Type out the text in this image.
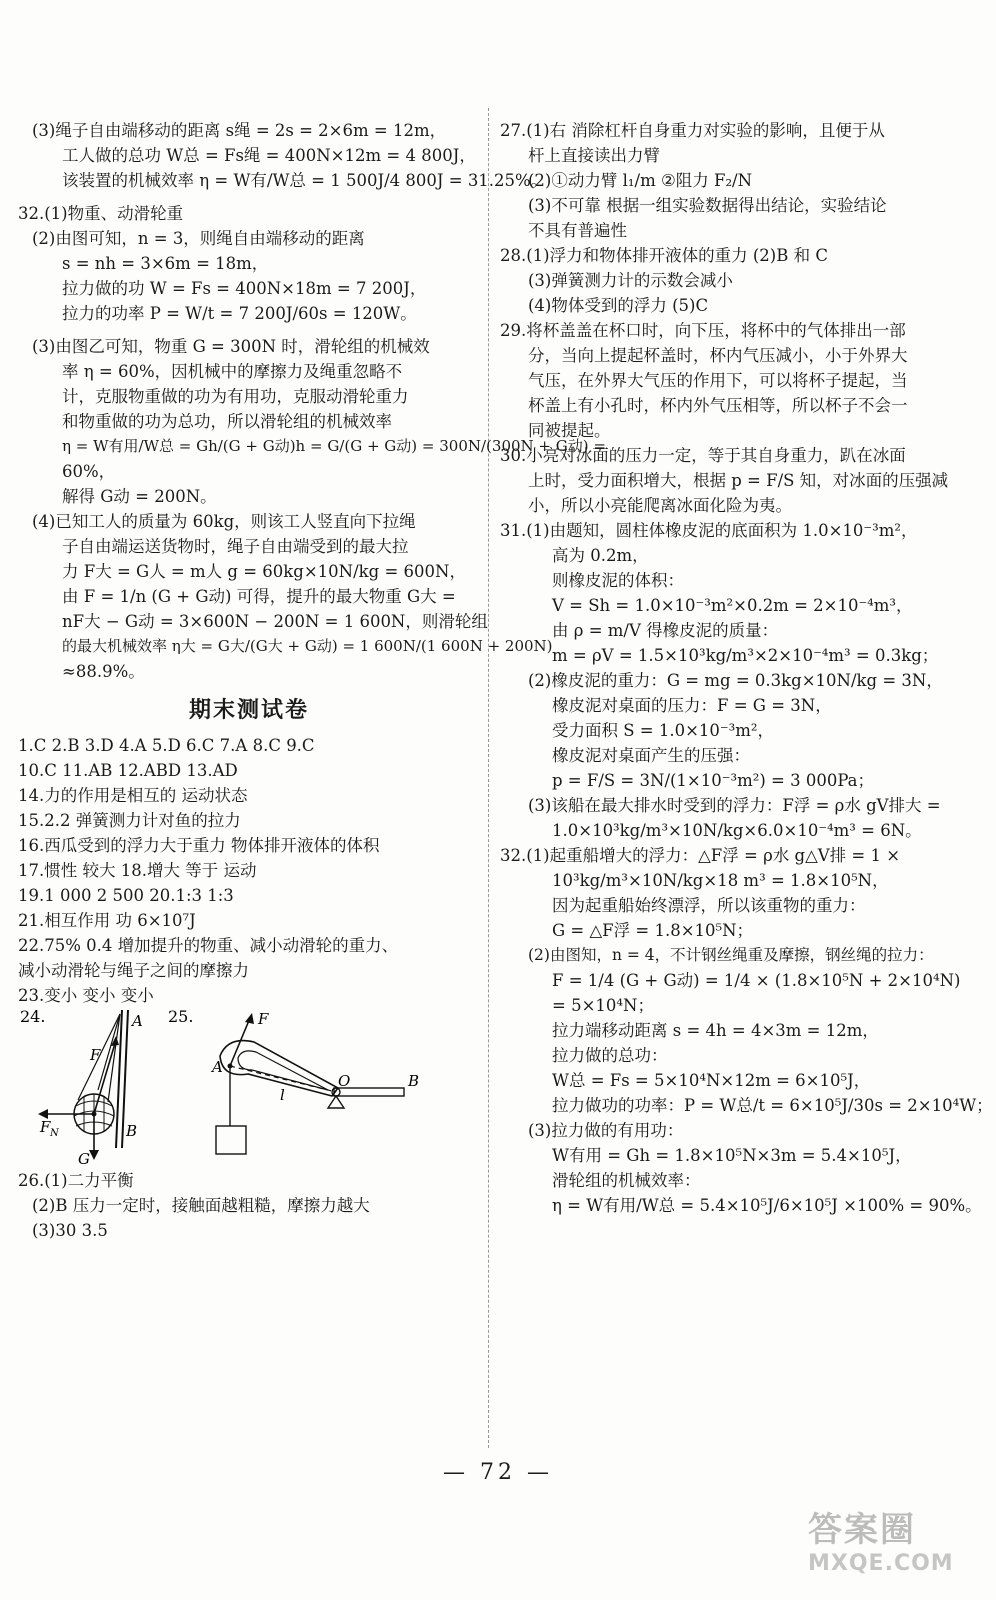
(3)绳子自由端移动的距离 s绳 = 2s = 2×6m = 12m，
工人做的总功 W总 = Fs绳 = 400N×12m = 4 800J，
该装置的机械效率 η = W有/W总 = 1 500J/4 800J = 31.25%。
32.(1)物重、动滑轮重
(2)由图可知，n = 3，则绳自由端移动的距离
s = nh = 3×6m = 18m，
拉力做的功 W = Fs = 400N×18m = 7 200J，
拉力的功率 P = W/t = 7 200J/60s = 120W。
(3)由图乙可知，物重 G = 300N 时，滑轮组的机械效
率 η = 60%，因机械中的摩擦力及绳重忽略不
计，克服物重做的功为有用功，克服动滑轮重力
和物重做的功为总功，所以滑轮组的机械效率
η = W有用/W总 = Gh/(G + G动)h = G/(G + G动) = 300N/(300N + G动) =
60%，
解得 G动 = 200N。
(4)已知工人的质量为 60kg，则该工人竖直向下拉绳
子自由端运送货物时，绳子自由端受到的最大拉
力 F大 = G人 = m人 g = 60kg×10N/kg = 600N，
由 F = 1/n (G + G动) 可得，提升的最大物重 G大 =
nF大 − G动 = 3×600N − 200N = 1 600N，则滑轮组
的最大机械效率 η大 = G大/(G大 + G动) = 1 600N/(1 600N + 200N)
≈88.9%。
期末测试卷
1.C 2.B 3.D 4.A 5.D 6.C 7.A 8.C 9.C
10.C 11.AB 12.ABD 13.AD
14.力的作用是相互的 运动状态
15.2.2 弹簧测力计对鱼的拉力
16.西瓜受到的浮力大于重力 物体排开液体的体积
17.惯性 较大 18.增大 等于 运动
19.1 000 2 500 20.1:3 1:3
21.相互作用 功 6×10⁷J
22.75% 0.4 增加提升的物重、减小动滑轮的重力、
减小动滑轮与绳子之间的摩擦力
23.变小 变小 变小
24.	A
B
F
F N
G
25.
O	B
A
F
l
26.(1)二力平衡
(2)B 压力一定时，接触面越粗糙，摩擦力越大
(3)30 3.5
27.(1)右 消除杠杆自身重力对实验的影响，且便于从
杆上直接读出力臂
(2)①动力臂 l₁/m ②阻力 F₂/N
(3)不可靠 根据一组实验数据得出结论，实验结论
不具有普遍性
28.(1)浮力和物体排开液体的重力 (2)B 和 C
(3)弹簧测力计的示数会减小
(4)物体受到的浮力 (5)C
29.将杯盖盖在杯口时，向下压，将杯中的气体排出一部
分，当向上提起杯盖时，杯内气压减小，小于外界大
气压，在外界大气压的作用下，可以将杯子提起，当
杯盖上有小孔时，杯内外气压相等，所以杯子不会一
同被提起。
30.小亮对冰面的压力一定，等于其自身重力，趴在冰面
上时，受力面积增大，根据 p = F/S 知，对冰面的压强减
小，所以小亮能爬离冰面化险为夷。
31.(1)由题知，圆柱体橡皮泥的底面积为 1.0×10⁻³m²，
高为 0.2m，
则橡皮泥的体积：
V = Sh = 1.0×10⁻³m²×0.2m = 2×10⁻⁴m³，
由 ρ = m/V 得橡皮泥的质量：
m = ρV = 1.5×10³kg/m³×2×10⁻⁴m³ = 0.3kg；
(2)橡皮泥的重力：G = mg = 0.3kg×10N/kg = 3N，
橡皮泥对桌面的压力：F = G = 3N，
受力面积 S = 1.0×10⁻³m²，
橡皮泥对桌面产生的压强：
p = F/S = 3N/(1×10⁻³m²) = 3 000Pa；
(3)该船在最大排水时受到的浮力：F浮 = ρ水 gV排大 =
1.0×10³kg/m³×10N/kg×6.0×10⁻⁴m³ = 6N。
32.(1)起重船增大的浮力：△F浮 = ρ水 g△V排 = 1 ×
10³kg/m³×10N/kg×18 m³ = 1.8×10⁵N，
因为起重船始终漂浮，所以该重物的重力：
G = △F浮 = 1.8×10⁵N；
(2)由图知，n = 4，不计钢丝绳重及摩擦，钢丝绳的拉力：
F = 1/4 (G + G动) = 1/4 × (1.8×10⁵N + 2×10⁴N)
= 5×10⁴N；
拉力端移动距离 s = 4h = 4×3m = 12m，
拉力做的总功：
W总 = Fs = 5×10⁴N×12m = 6×10⁵J，
拉力做功的功率：P = W总/t = 6×10⁵J/30s = 2×10⁴W；
(3)拉力做的有用功：
W有用 = Gh = 1.8×10⁵N×3m = 5.4×10⁵J，
滑轮组的机械效率：
η = W有用/W总 = 5.4×10⁵J/6×10⁵J ×100% = 90%。
— 72 —
答案圈
MXQE.COM
